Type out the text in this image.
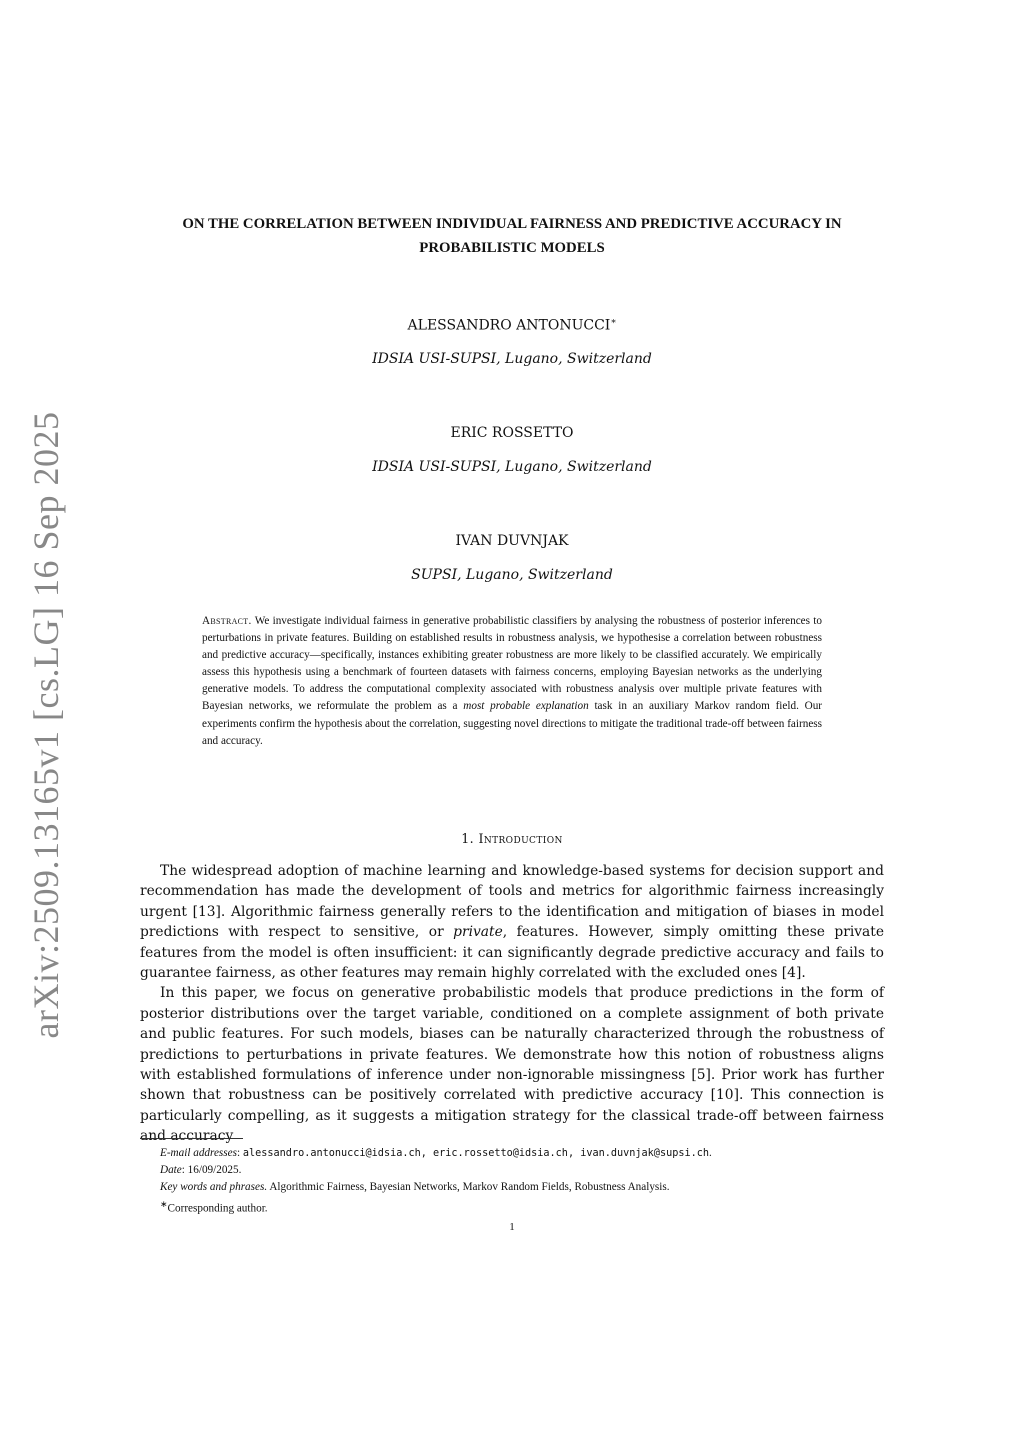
arXiv:2509.13165v1 [cs.LG] 16 Sep 2025
ON THE CORRELATION BETWEEN INDIVIDUAL FAIRNESS AND PREDICTIVE ACCURACY IN
PROBABILISTIC MODELS
ALESSANDRO ANTONUCCI∗
IDSIA USI-SUPSI, Lugano, Switzerland
ERIC ROSSETTO
IDSIA USI-SUPSI, Lugano, Switzerland
IVAN DUVNJAK
SUPSI, Lugano, Switzerland
Abstract. We investigate individual fairness in generative probabilistic classifiers by analysing the robustness of posterior inferences to perturbations in private features. Building on established results in robustness analysis, we hypothesise a correlation between robustness and predictive accuracy—specifically, instances exhibiting greater robustness are more likely to be classified accurately. We empirically assess this hypothesis using a benchmark of fourteen datasets with fairness concerns, employing Bayesian networks as the underlying generative models. To address the computational complexity associated with robustness analysis over multiple private features with Bayesian networks, we reformulate the problem as a most probable explanation task in an auxiliary Markov random field. Our experiments confirm the hypothesis about the correlation, suggesting novel directions to mitigate the traditional trade-off between fairness and accuracy.
1. Introduction

The widespread adoption of machine learning and knowledge-based systems for decision support and recommendation has made the development of tools and metrics for algorithmic fairness increasingly urgent [13]. Algorithmic fairness generally refers to the identification and mitigation of biases in model predictions with respect to sensitive, or private, features. However, simply omitting these private features from the model is often insufficient: it can significantly degrade predictive accuracy and fails to guarantee fairness, as other features may remain highly correlated with the excluded ones [4].

In this paper, we focus on generative probabilistic models that produce predictions in the form of posterior distributions over the target variable, conditioned on a complete assignment of both private and public features. For such models, biases can be naturally characterized through the robustness of predictions to perturbations in private features. We demonstrate how this notion of robustness aligns with established formulations of inference under non-ignorable missingness [5]. Prior work has further shown that robustness can be positively correlated with predictive accuracy [10]. This connection is particularly compelling, as it suggests a mitigation strategy for the classical trade-off between fairness and accuracy

E-mail addresses: alessandro.antonucci@idsia.ch, eric.rossetto@idsia.ch, ivan.duvnjak@supsi.ch.
Date: 16/09/2025.
Key words and phrases. Algorithmic Fairness, Bayesian Networks, Markov Random Fields, Robustness Analysis.
∗Corresponding author.
1
